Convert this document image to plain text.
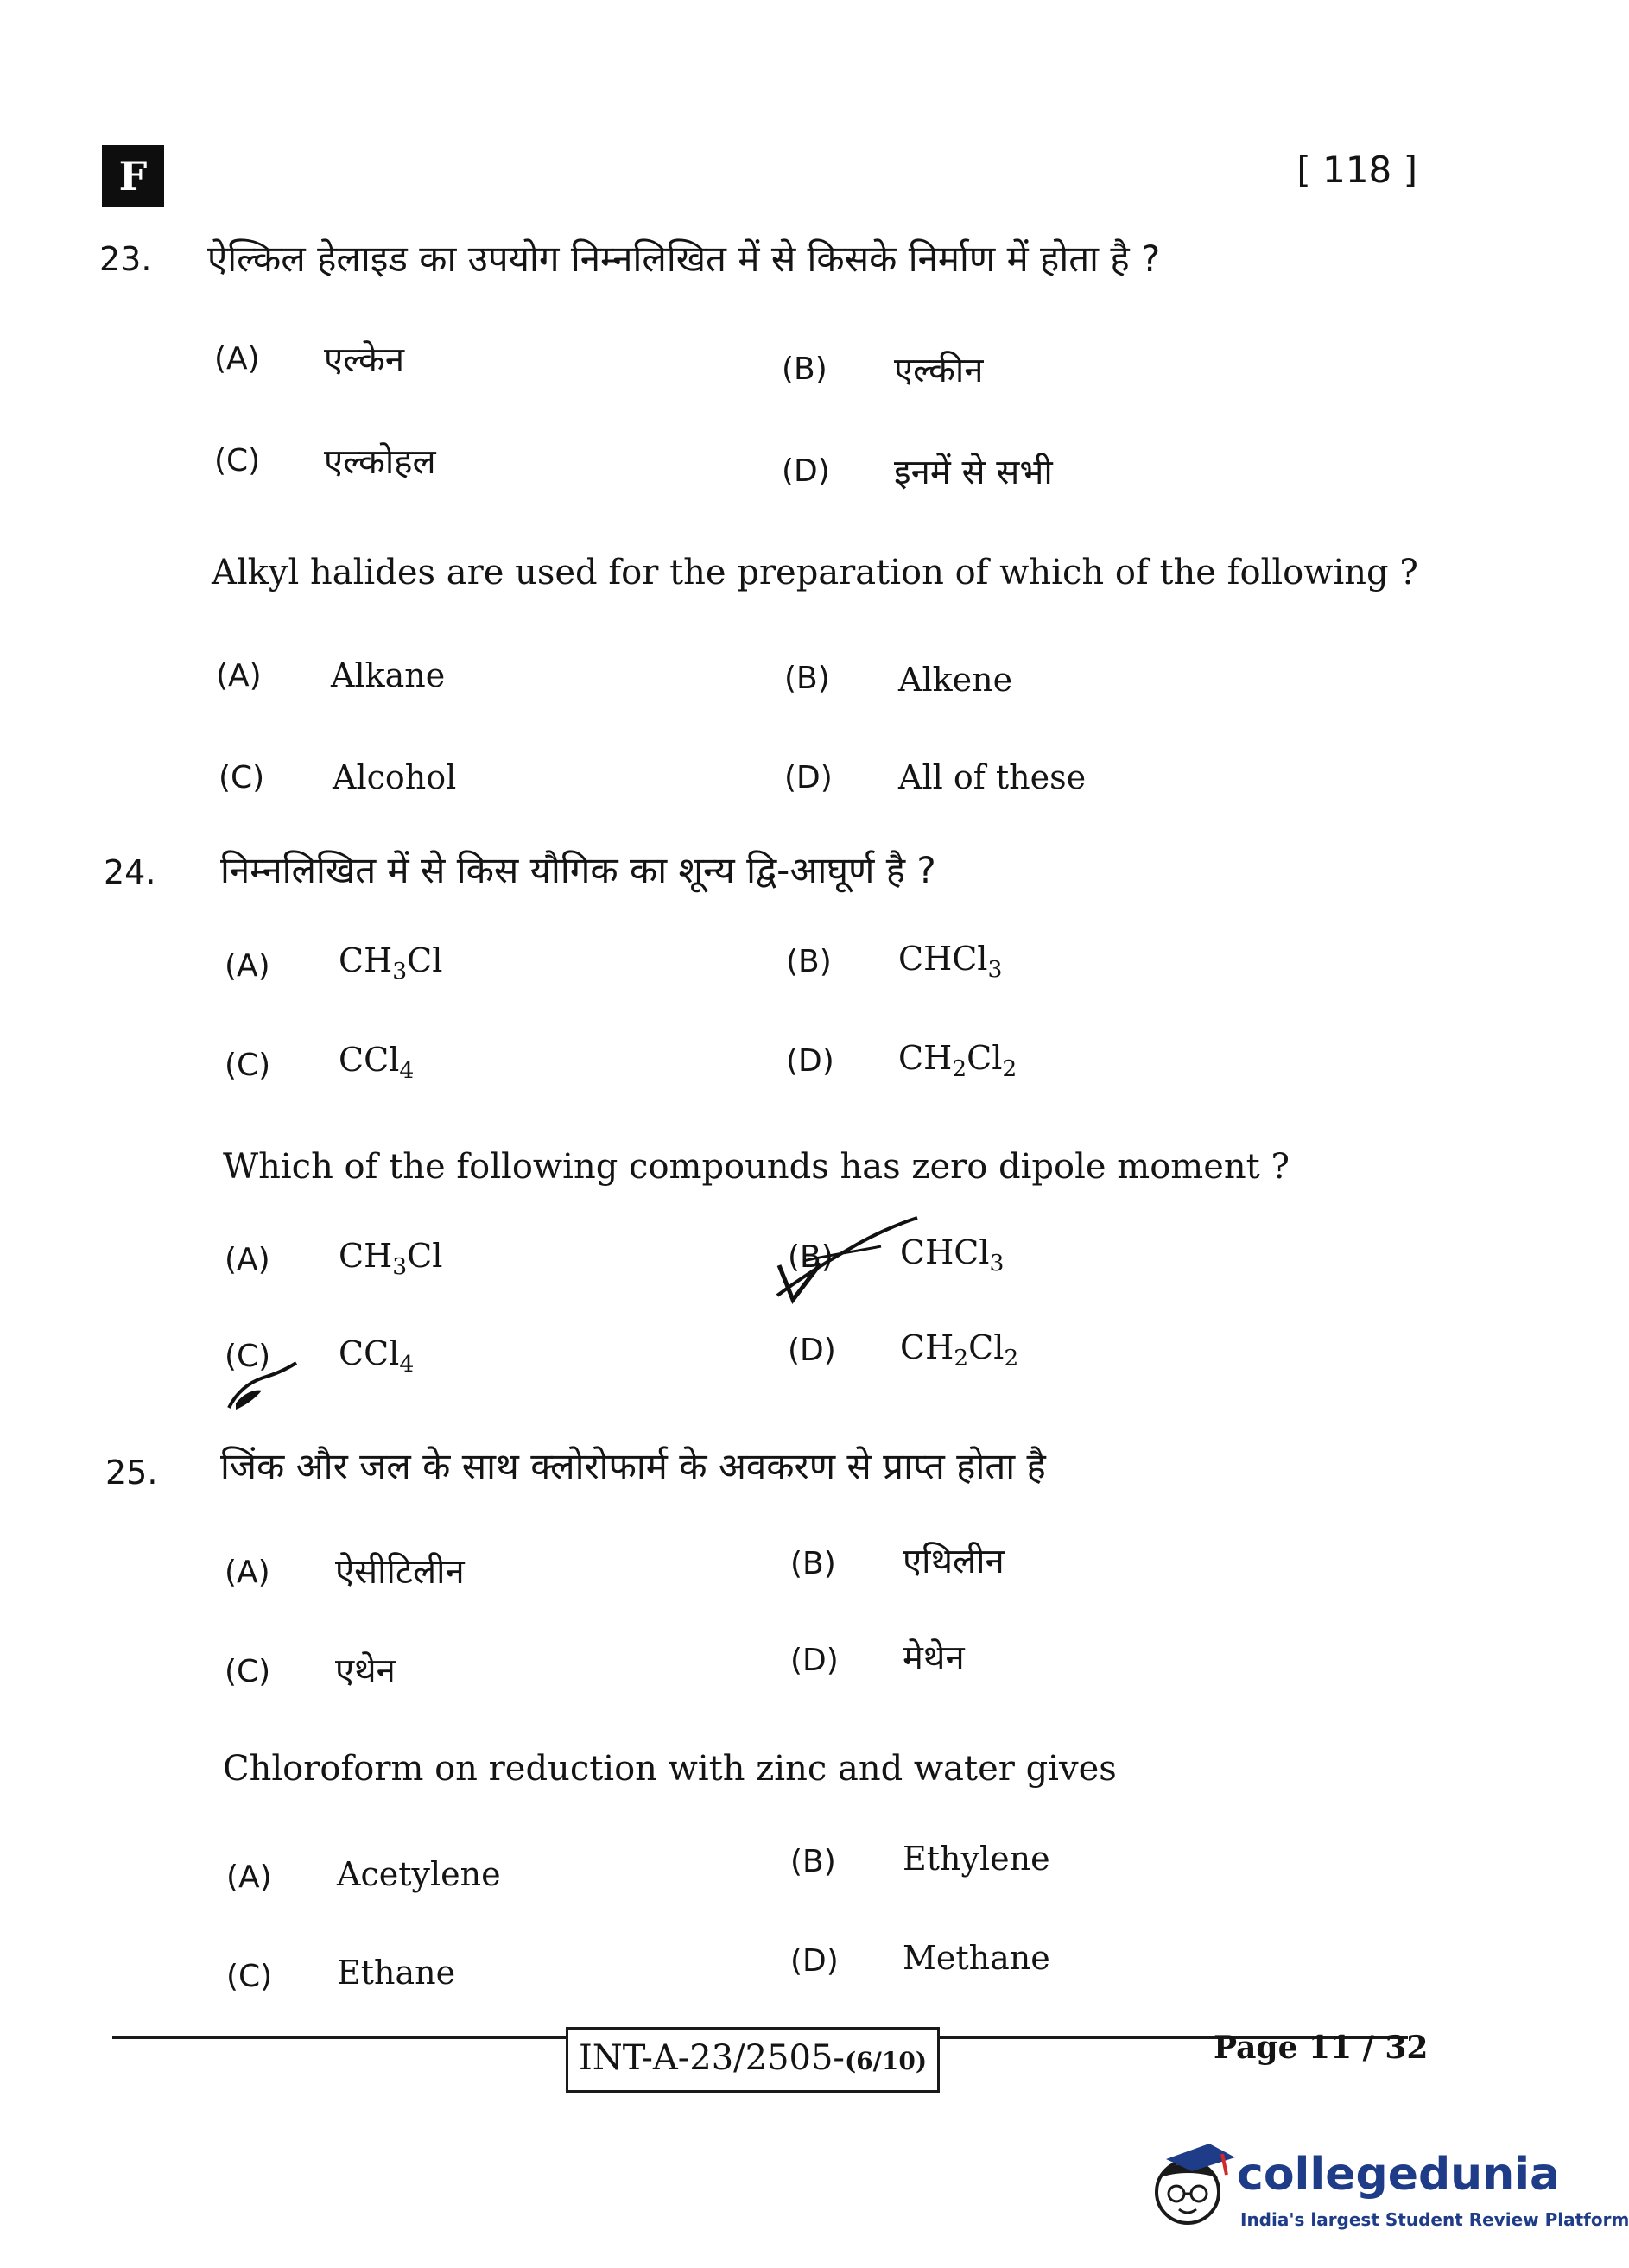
F	[ 118 ]
23. ऐल्किल हेलाइड का उपयोग निम्नलिखित में से किसके निर्माण में होता है ?
(A) एल्केन	(B) एल्कीन
(C) एल्कोहल	(D) इनमें से सभी
Alkyl halides are used for the preparation of which of the following ?
(A) Alkane	(B) Alkene
(C) Alcohol	(D) All of these
24. निम्नलिखित में से किस यौगिक का शून्य द्वि-आघूर्ण है ?
(A) $CH_3Cl$	(B) CHCl$_3$
(C) CCl$_4$	(D) $CH_2Cl_2$
Which of the following compounds has zero dipole moment ?
(A) $CH_3Cl$	(B) CHCl$_3$
(C) CCl$_4$	(D) $CH_2Cl_2$
25. जिंक और जल के साथ क्लोरोफार्म के अवकरण से प्राप्त होता है
(A) ऐसीटिलीन	(B) एथिलीन
(C) एथेन	(D) मेथेन
Chloroform on reduction with zinc and water gives
(A) Acetylene	(B) Ethylene
(C) Ethane	(D) Methane
INT-A-23/2505-(6/10)	Page 11 / 32
collegedunia
India's largest Student Review Platform
